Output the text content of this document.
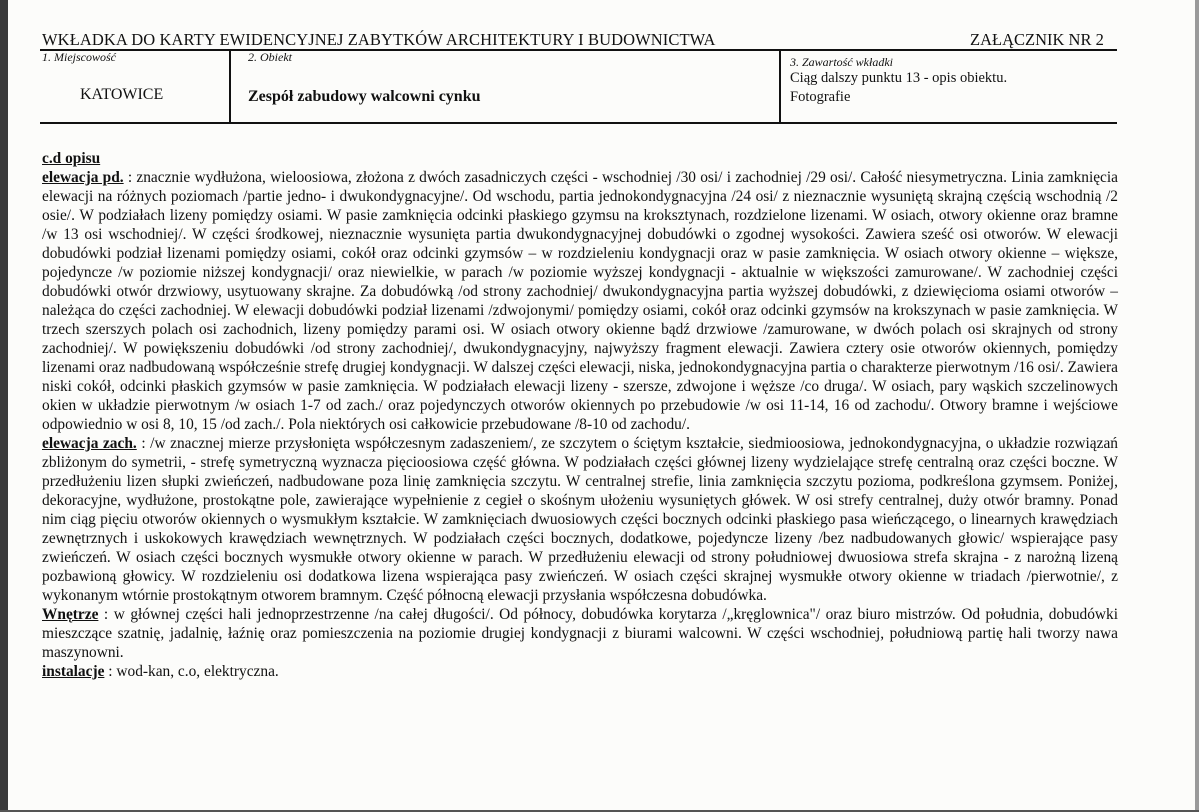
WKŁADKA DO KARTY EWIDENCYJNEJ ZABYTKÓW ARCHITEKTURY I BUDOWNICTWA	ZAŁĄCZNIK NR 2
1. Miejscowość
KATOWICE
2. Obiekt
Zespół zabudowy walcowni cynku
3. Zawartość wkładki
Ciąg dalszy punktu 13 - opis obiektu.
Fotografie

c.d opisu

elewacja pd. : znacznie wydłużona, wieloosiowa, złożona z dwóch zasadniczych części - wschodniej /30 osi/ i zachodniej /29 osi/. Całość niesymetryczna. Linia zamknięcia elewacji na różnych poziomach /partie jedno- i dwukondygnacyjne/. Od wschodu, partia jednokondygnacyjna /24 osi/ z nieznacznie wysuniętą skrajną częścią wschodnią /2 osie/. W podziałach lizeny pomiędzy osiami. W pasie zamknięcia odcinki płaskiego gzymsu na kroksztynach, rozdzielone lizenami. W osiach, otwory okienne oraz bramne /w 13 osi wschodniej/. W części środkowej, nieznacznie wysunięta partia dwukondygnacyjnej dobudówki o zgodnej wysokości. Zawiera sześć osi otworów. W elewacji dobudówki podział lizenami pomiędzy osiami, cokół oraz odcinki gzymsów – w rozdzieleniu kondygnacji oraz w pasie zamknięcia. W osiach otwory okienne – większe, pojedyncze /w poziomie niższej kondygnacji/ oraz niewielkie, w parach /w poziomie wyższej kondygnacji - aktualnie w większości zamurowane/. W zachodniej części dobudówki otwór drzwiowy, usytuowany skrajne. Za dobudówką /od strony zachodniej/ dwukondygnacyjna partia wyższej dobudówki, z dziewięcioma osiami otworów – należąca do części zachodniej. W elewacji dobudówki podział lizenami /zdwojonymi/ pomiędzy osiami, cokół oraz odcinki gzymsów na krokszynach w pasie zamknięcia. W trzech szerszych polach osi zachodnich, lizeny pomiędzy parami osi. W osiach otwory okienne bądź drzwiowe /zamurowane, w dwóch polach osi skrajnych od strony zachodniej/. W powiększeniu dobudówki /od strony zachodniej/, dwukondygnacyjny, najwyższy fragment elewacji. Zawiera cztery osie otworów okiennych, pomiędzy lizenami oraz nadbudowaną współcześnie strefę drugiej kondygnacji. W dalszej części elewacji, niska, jednokondygnacyjna partia o charakterze pierwotnym /16 osi/. Zawiera niski cokół, odcinki płaskich gzymsów w pasie zamknięcia. W podziałach elewacji lizeny - szersze, zdwojone i węższe /co druga/. W osiach, pary wąskich szczelinowych okien w układzie pierwotnym /w osiach 1-7 od zach./ oraz pojedynczych otworów okiennych po przebudowie /w osi 11-14, 16 od zachodu/. Otwory bramne i wejściowe odpowiednio w osi 8, 10, 15 /od zach./. Pola niektórych osi całkowicie przebudowane /8-10 od zachodu/.

elewacja zach. : /w znacznej mierze przysłonięta współczesnym zadaszeniem/, ze szczytem o ściętym kształcie, siedmioosiowa, jednokondygnacyjna, o układzie rozwiązań zbliżonym do symetrii, - strefę symetryczną wyznacza pięcioosiowa część główna. W podziałach części głównej lizeny wydzielające strefę centralną oraz części boczne. W przedłużeniu lizen słupki zwieńczeń, nadbudowane poza linię zamknięcia szczytu. W centralnej strefie, linia zamknięcia szczytu pozioma, podkreślona gzymsem. Poniżej, dekoracyjne, wydłużone, prostokątne pole, zawierające wypełnienie z cegieł o skośnym ułożeniu wysuniętych główek. W osi strefy centralnej, duży otwór bramny. Ponad nim ciąg pięciu otworów okiennych o wysmukłym kształcie. W zamknięciach dwuosiowych części bocznych odcinki płaskiego pasa wieńczącego, o linearnych krawędziach zewnętrznych i uskokowych krawędziach wewnętrznych. W podziałach części bocznych, dodatkowe, pojedyncze lizeny /bez nadbudowanych głowic/ wspierające pasy zwieńczeń. W osiach części bocznych wysmukłe otwory okienne w parach. W przedłużeniu elewacji od strony południowej dwuosiowa strefa skrajna - z narożną lizeną pozbawioną głowicy. W rozdzieleniu osi dodatkowa lizena wspierająca pasy zwieńczeń. W osiach części skrajnej wysmukłe otwory okienne w triadach /pierwotnie/, z wykonanym wtórnie prostokątnym otworem bramnym. Część północną elewacji przysłania współczesna dobudówka.

Wnętrze : w głównej części hali jednoprzestrzenne /na całej długości/. Od północy, dobudówka korytarza /„kręglownica"/ oraz biuro mistrzów. Od południa, dobudówki mieszczące szatnię, jadalnię, łaźnię oraz pomieszczenia na poziomie drugiej kondygnacji z biurami walcowni. W części wschodniej, południową partię hali tworzy nawa maszynowni.

instalacje : wod-kan, c.o, elektryczna.
